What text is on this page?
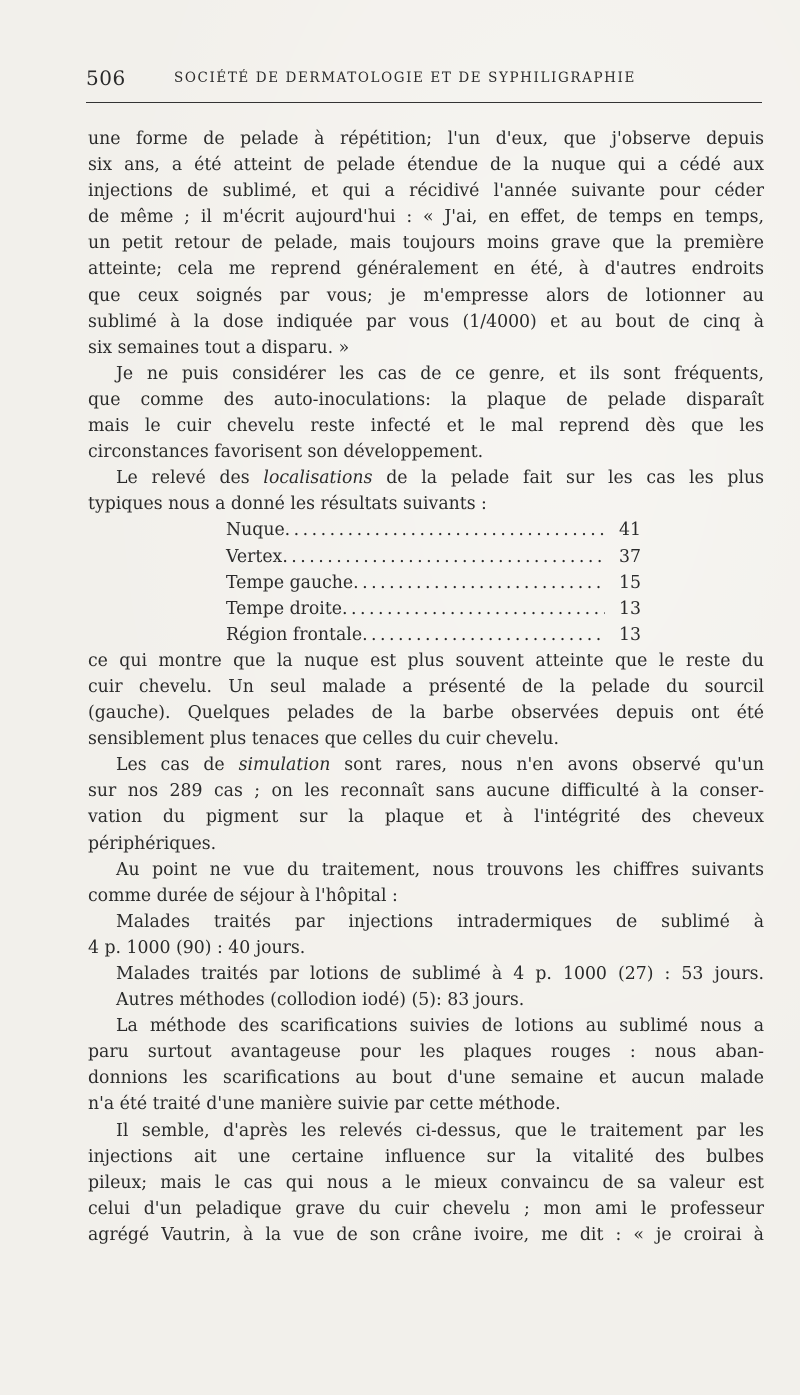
506	SOCIÉTÉ DE DERMATOLOGIE ET DE SYPHILIGRAPHIE
une forme de pelade à répétition; l'un d'eux, que j'observe depuis
six ans, a été atteint de pelade étendue de la nuque qui a cédé aux
injections de sublimé, et qui a récidivé l'année suivante pour céder
de même ; il m'écrit aujourd'hui : « J'ai, en effet, de temps en temps,
un petit retour de pelade, mais toujours moins grave que la première
atteinte; cela me reprend généralement en été, à d'autres endroits
que ceux soignés par vous; je m'empresse alors de lotionner au
sublimé à la dose indiquée par vous (1/4000) et au bout de cinq à
six semaines tout a disparu. »
Je ne puis considérer les cas de ce genre, et ils sont fréquents,
que comme des auto-inoculations: la plaque de pelade disparaît
mais le cuir chevelu reste infecté et le mal reprend dès que les
circonstances favorisent son développement.
Le relevé des localisations de la pelade fait sur les cas les plus
typiques nous a donné les résultats suivants :
Nuque . . .	41
Vertex . . .	37
Tempe gauche . . .	15
Tempe droite . . .	13
Région frontale . . .	13
ce qui montre que la nuque est plus souvent atteinte que le reste du
cuir chevelu. Un seul malade a présenté de la pelade du sourcil
(gauche). Quelques pelades de la barbe observées depuis ont été
sensiblement plus tenaces que celles du cuir chevelu.
Les cas de simulation sont rares, nous n'en avons observé qu'un
sur nos 289 cas ; on les reconnaît sans aucune difficulté à la conser-
vation du pigment sur la plaque et à l'intégrité des cheveux
périphériques.
Au point ne vue du traitement, nous trouvons les chiffres suivants
comme durée de séjour à l'hôpital :
Malades traités par injections intradermiques de sublimé à
4 p. 1000 (90) : 40 jours.
Malades traités par lotions de sublimé à 4 p. 1000 (27) : 53 jours.
Autres méthodes (collodion iodé) (5): 83 jours.
La méthode des scarifications suivies de lotions au sublimé nous a
paru surtout avantageuse pour les plaques rouges : nous aban-
donnions les scarifications au bout d'une semaine et aucun malade
n'a été traité d'une manière suivie par cette méthode.
Il semble, d'après les relevés ci-dessus, que le traitement par les
injections ait une certaine influence sur la vitalité des bulbes
pileux; mais le cas qui nous a le mieux convaincu de sa valeur est
celui d'un peladique grave du cuir chevelu ; mon ami le professeur
agrégé Vautrin, à la vue de son crâne ivoire, me dit : « je croirai à
